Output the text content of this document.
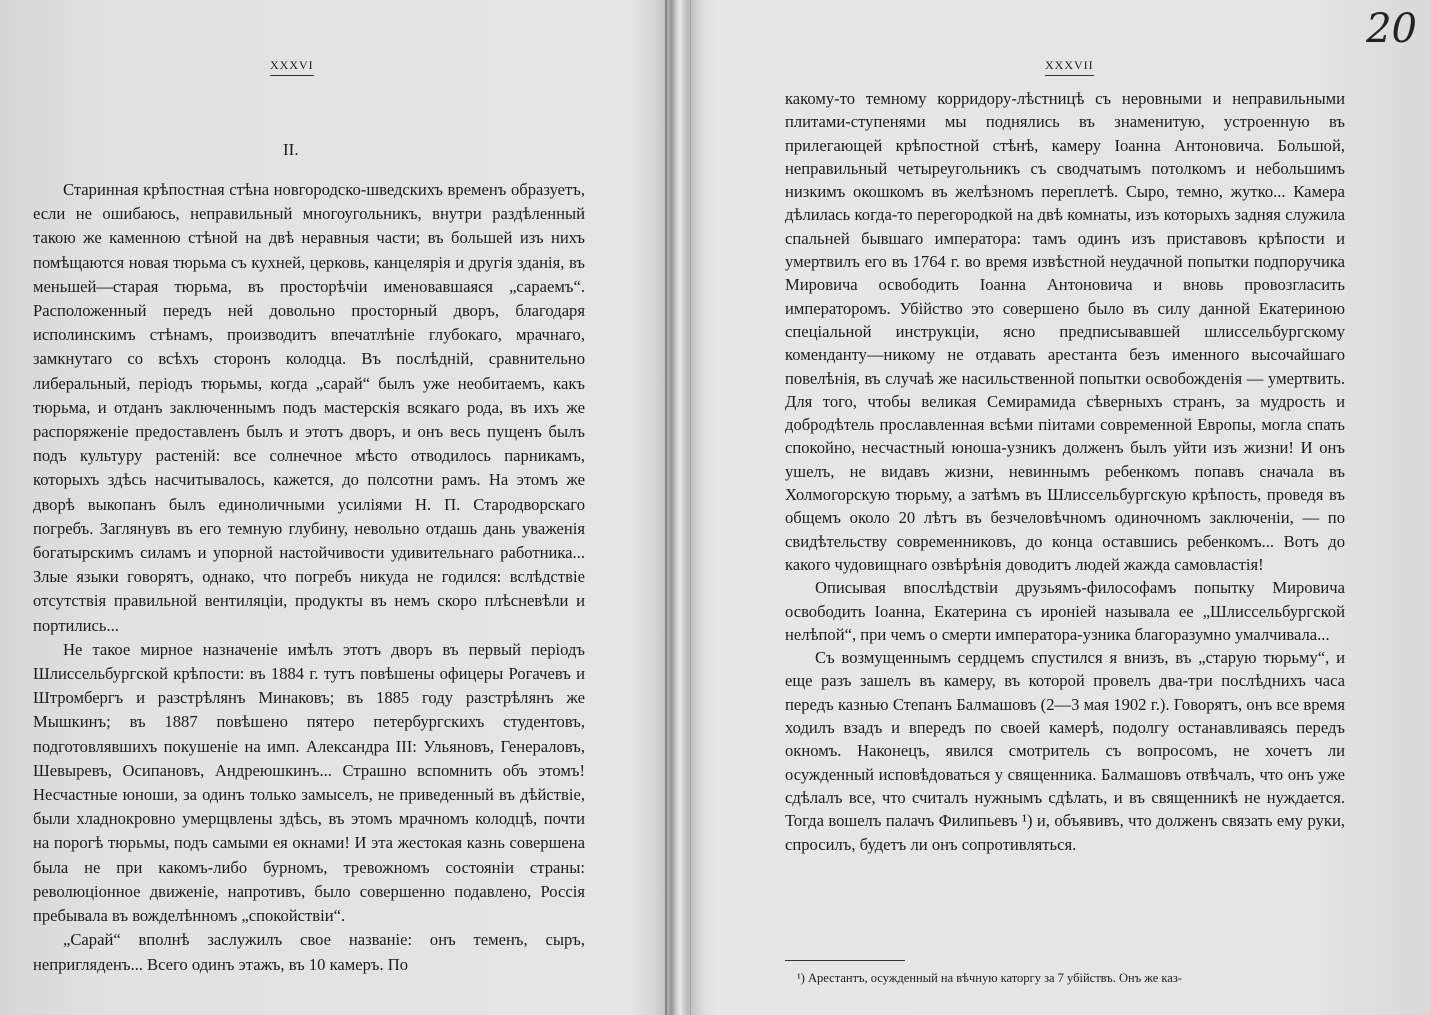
XXXVI
II.

Старинная крѣпостная стѣна новгородско-шведскихъ временъ образуетъ, если не ошибаюсь, неправильный многоугольникъ, внутри раздѣленный такою же каменною стѣной на двѣ неравныя части; въ большей изъ нихъ помѣщаются новая тюрьма съ кухней, церковь, канцелярія и другія зданія, въ меньшей—старая тюрьма, въ просторѣчіи именовавшаяся „сараемъ“. Расположенный передъ ней довольно просторный дворъ, благодаря исполинскимъ стѣнамъ, производитъ впечатлѣніе глубокаго, мрачнаго, замкнутаго со всѣхъ сторонъ колодца. Въ послѣдній, сравнительно либеральный, періодъ тюрьмы, когда „сарай“ былъ уже необитаемъ, какъ тюрьма, и отданъ заключеннымъ подъ мастерскія всякаго рода, въ ихъ же распоряженіе предоставленъ былъ и этотъ дворъ, и онъ весь пущенъ былъ подъ культуру растеній: все солнечное мѣсто отводилось парникамъ, которыхъ здѣсь насчитывалось, кажется, до полсотни рамъ. На этомъ же дворѣ выкопанъ былъ единоличными усиліями Н. П. Стародворскаго погребъ. Заглянувъ въ его темную глубину, невольно отдашь дань уваженія богатырскимъ силамъ и упорной настойчивости удивительнаго работника... Злые языки говорятъ, однако, что погребъ никуда не годился: вслѣдствіе отсутствія правильной вентиляціи, продукты въ немъ скоро плѣсневѣли и портились...

Не такое мирное назначеніе имѣлъ этотъ дворъ въ первый періодъ Шлиссельбургской крѣпости: въ 1884 г. тутъ повѣшены офицеры Рогачевъ и Штромбергъ и разстрѣлянъ Минаковъ; въ 1885 году разстрѣлянъ же Мышкинъ; въ 1887 повѣшено пятеро петербургскихъ студентовъ, подготовлявшихъ покушеніе на имп. Александра III: Ульяновъ, Генераловъ, Шевыревъ, Осипановъ, Андреюшкинъ... Страшно вспомнить объ этомъ! Несчастные юноши, за одинъ только замыселъ, не приведенный въ дѣйствіе, были хладнокровно умерщвлены здѣсь, въ этомъ мрачномъ колодцѣ, почти на порогѣ тюрьмы, подъ самыми ея окнами! И эта жестокая казнь совершена была не при какомъ-либо бурномъ, тревожномъ состояніи страны: революціонное движеніе, напротивъ, было совершенно подавлено, Россія пребывала въ вожделѣнномъ „спокойствіи“.

„Сарай“ вполнѣ заслужилъ свое названіе: онъ теменъ, сыръ, непригляденъ... Всего одинъ этажъ, въ 10 камеръ. По

XXXVII

какому-то темному корридору-лѣстницѣ съ неровными и неправильными плитами-ступенями мы поднялись въ знаменитую, устроенную въ прилегающей крѣпостной стѣнѣ, камеру Іоанна Антоновича. Большой, неправильный четыреугольникъ съ сводчатымъ потолкомъ и небольшимъ низкимъ окошкомъ въ желѣзномъ переплетѣ. Сыро, темно, жутко... Камера дѣлилась когда-то перегородкой на двѣ комнаты, изъ которыхъ задняя служила спальней бывшаго императора: тамъ одинъ изъ приставовъ крѣпости и умертвилъ его въ 1764 г. во время извѣстной неудачной попытки подпоручика Мировича освободить Іоанна Антоновича и вновь провозгласить императоромъ. Убійство это совершено было въ силу данной Екатериною спеціальной инструкціи, ясно предписывавшей шлиссельбургскому коменданту—никому не отдавать арестанта безъ именного высочайшаго повелѣнія, въ случаѣ же насильственной попытки освобожденія — умертвить. Для того, чтобы великая Семирамида сѣверныхъ странъ, за мудрость и добродѣтель прославленная всѣми піитами современной Европы, могла спать спокойно, несчастный юноша-узникъ долженъ былъ уйти изъ жизни! И онъ ушелъ, не видавъ жизни, невиннымъ ребенкомъ попавъ сначала въ Холмогорскую тюрьму, а затѣмъ въ Шлиссельбургскую крѣпость, проведя въ общемъ около 20 лѣтъ въ безчеловѣчномъ одиночномъ заключеніи, — по свидѣтельству современниковъ, до конца оставшись ребенкомъ... Вотъ до какого чудовищнаго озвѣрѣнія доводитъ людей жажда самовластія!

Описывая впослѣдствіи друзьямъ-философамъ попытку Мировича освободить Іоанна, Екатерина съ ироніей называла ее „Шлиссельбургской нелѣпой“, при чемъ о смерти императора-узника благоразумно умалчивала...

Съ возмущеннымъ сердцемъ спустился я внизъ, въ „старую тюрьму“, и еще разъ зашелъ въ камеру, въ которой провелъ два-три послѣднихъ часа передъ казнью Степанъ Балмашовъ (2—3 мая 1902 г.). Говорятъ, онъ все время ходилъ взадъ и впередъ по своей камерѣ, подолгу останавливаясь передъ окномъ. Наконецъ, явился смотритель съ вопросомъ, не хочетъ ли осужденный исповѣдоваться у священника. Балмашовъ отвѣчалъ, что онъ уже сдѣлалъ все, что считалъ нужнымъ сдѣлать, и въ священникѣ не нуждается. Тогда вошелъ палачъ Филипьевъ ¹) и, объявивъ, что долженъ связать ему руки, спросилъ, будетъ ли онъ сопротивляться.

¹) Арестантъ, осужденный на вѣчную каторгу за 7 убійствъ. Онъ же каз-
20
